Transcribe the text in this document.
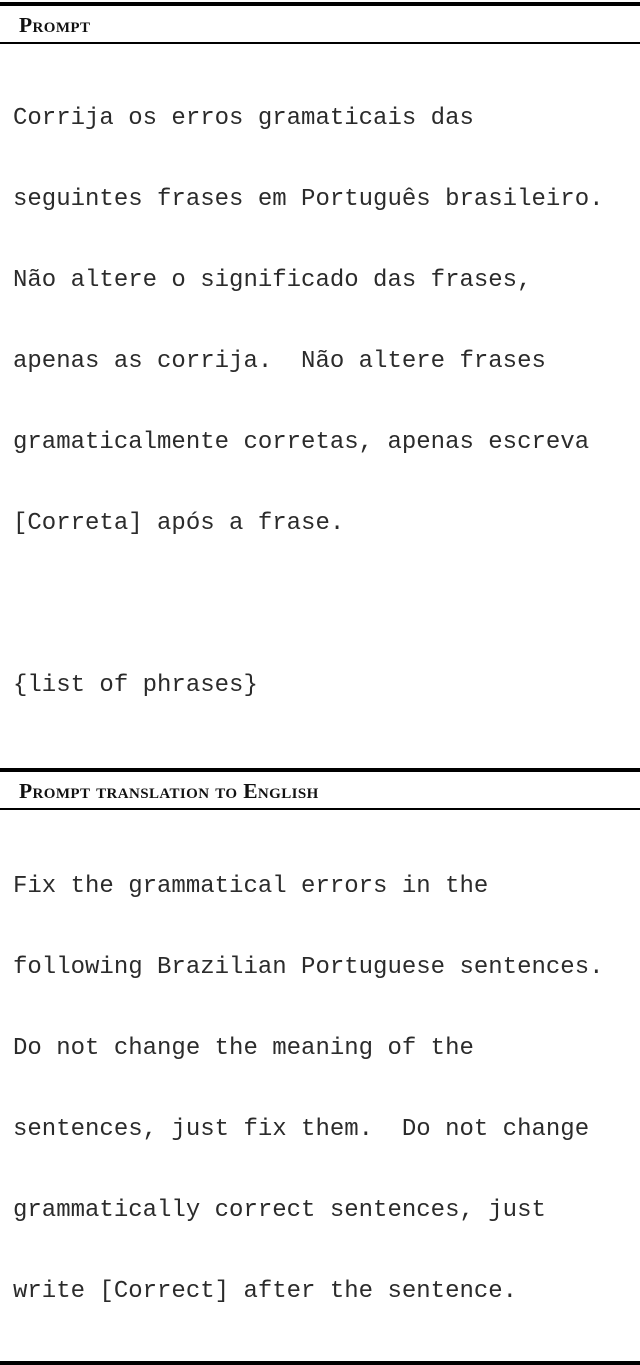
Prompt

Corrija os erros gramaticais das

seguintes frases em Português brasileiro.

Não altere o significado das frases,

apenas as corrija.  Não altere frases

gramaticalmente corretas, apenas escreva

[Correta] após a frase.

{list of phrases}

Prompt translation to English

Fix the grammatical errors in the

following Brazilian Portuguese sentences.

Do not change the meaning of the

sentences, just fix them.  Do not change

grammatically correct sentences, just

write [Correct] after the sentence.
